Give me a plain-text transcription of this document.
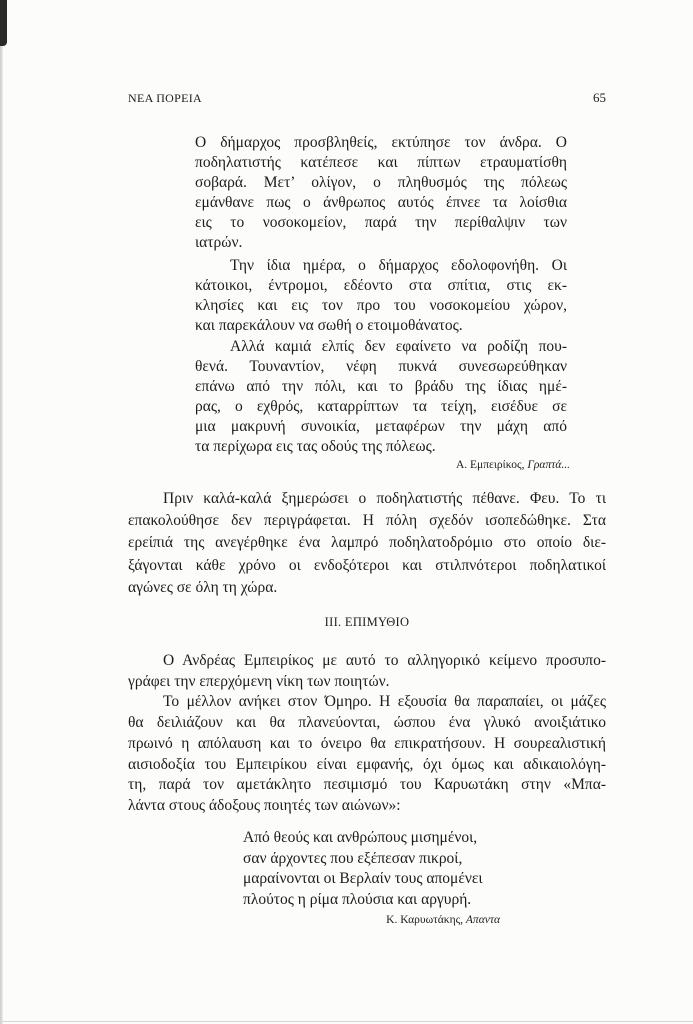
ΝΕΑ ΠΟΡΕΙΑ	65
Ο δήμαρχος προσβληθείς, εκτύπησε τον άνδρα. Ο
ποδηλατιστής κατέπεσε και πίπτων ετραυματίσθη
σοβαρά. Μετ’ ολίγον, ο πληθυσμός της πόλεως
εμάνθανε πως ο άνθρωπος αυτός έπνεε τα λοίσθια
εις το νοσοκομείον, παρά την περίθαλψιν των
ιατρών.
Την ίδια ημέρα, ο δήμαρχος εδολοφονήθη. Οι
κάτοικοι, έντρομοι, εδέοντο στα σπίτια, στις εκ-
κλησίες και εις τον προ του νοσοκομείου χώρον,
και παρεκάλουν να σωθή ο ετοιμοθάνατος.
Αλλά καμιά ελπίς δεν εφαίνετο να ροδίζη που-
θενά. Τουναντίον, νέφη πυκνά συνεσωρεύθηκαν
επάνω από την πόλι, και το βράδυ της ίδιας ημέ-
ρας, ο εχθρός, καταρρίπτων τα τείχη, εισέδυε σε
μια μακρυνή συνοικία, μεταφέρων την μάχη από
τα περίχωρα εις τας οδούς της πόλεως.
Α. Εμπειρίκος, Γραπτά...
Πριν καλά-καλά ξημερώσει ο ποδηλατιστής πέθανε. Φευ. Το τι
επακολούθησε δεν περιγράφεται. Η πόλη σχεδόν ισοπεδώθηκε. Στα
ερείπιά της ανεγέρθηκε ένα λαμπρό ποδηλατοδρόμιο στο οποίο διε-
ξάγονται κάθε χρόνο οι ενδοξότεροι και στιλπνότεροι ποδηλατικοί
αγώνες σε όλη τη χώρα.
ΙΙΙ. ΕΠΙΜΥΘΙΟ
Ο Ανδρέας Εμπειρίκος με αυτό το αλληγορικό κείμενο προσυπο-
γράφει την επερχόμενη νίκη των ποιητών.
Το μέλλον ανήκει στον Όμηρο. Η εξουσία θα παραπαίει, οι μάζες
θα δειλιάζουν και θα πλανεύονται, ώσπου ένα γλυκό ανοιξιάτικο
πρωινό η απόλαυση και το όνειρο θα επικρατήσουν. Η σουρεαλιστική
αισιοδοξία του Εμπειρίκου είναι εμφανής, όχι όμως και αδικαιολόγη-
τη, παρά τον αμετάκλητο πεσιμισμό του Καρυωτάκη στην «Μπα-
λάντα στους άδοξους ποιητές των αιώνων»:
Από θεούς και ανθρώπους μισημένοι,
σαν άρχοντες που εξέπεσαν πικροί,
μαραίνονται οι Βερλαίν τους απομένει
πλούτος η ρίμα πλούσια και αργυρή.
Κ. Καρυωτάκης, Απαντα
